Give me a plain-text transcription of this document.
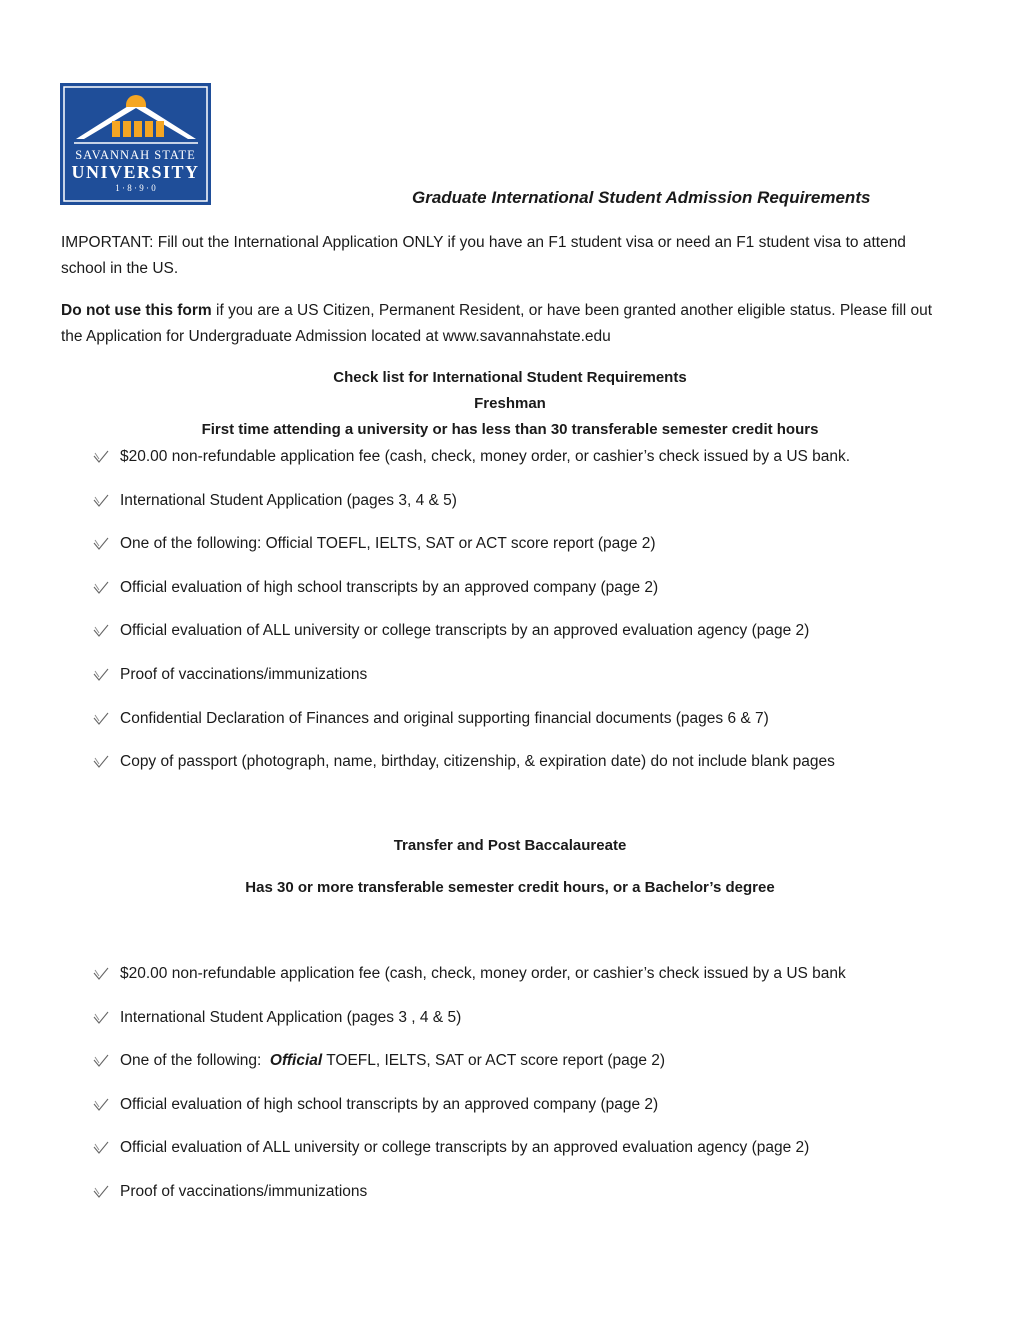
SAVANNAH STATE
UNIVERSITY
1 · 8 · 9 · 0	Graduate International Student Admission Requirements
IMPORTANT: Fill out the International Application ONLY if you have an F1 student visa or need an F1 student visa to attend school in the US.
Do not use this form if you are a US Citizen, Permanent Resident, or have been granted another eligible status. Please fill out the Application for Undergraduate Admission located at www.savannahstate.edu
Check list for International Student Requirements
Freshman
First time attending a university or has less than 30 transferable semester credit hours
$20.00 non-refundable application fee (cash, check, money order, or cashier’s check issued by a US bank.
International Student Application (pages 3, 4 & 5)
One of the following: Official TOEFL, IELTS, SAT or ACT score report (page 2)
Official evaluation of high school transcripts by an approved company (page 2)
Official evaluation of ALL university or college transcripts by an approved evaluation agency (page 2)
Proof of vaccinations/immunizations
Confidential Declaration of Finances and original supporting financial documents (pages 6 & 7)
Copy of passport (photograph, name, birthday, citizenship, & expiration date) do not include blank pages
Transfer and Post Baccalaureate
Has 30 or more transferable semester credit hours, or a Bachelor’s degree
$20.00 non-refundable application fee (cash, check, money order, or cashier’s check issued by a US bank
International Student Application (pages 3 , 4 & 5)
One of the following:  Official TOEFL, IELTS, SAT or ACT score report (page 2)
Official evaluation of high school transcripts by an approved company (page 2)
Official evaluation of ALL university or college transcripts by an approved evaluation agency (page 2)
Proof of vaccinations/immunizations
